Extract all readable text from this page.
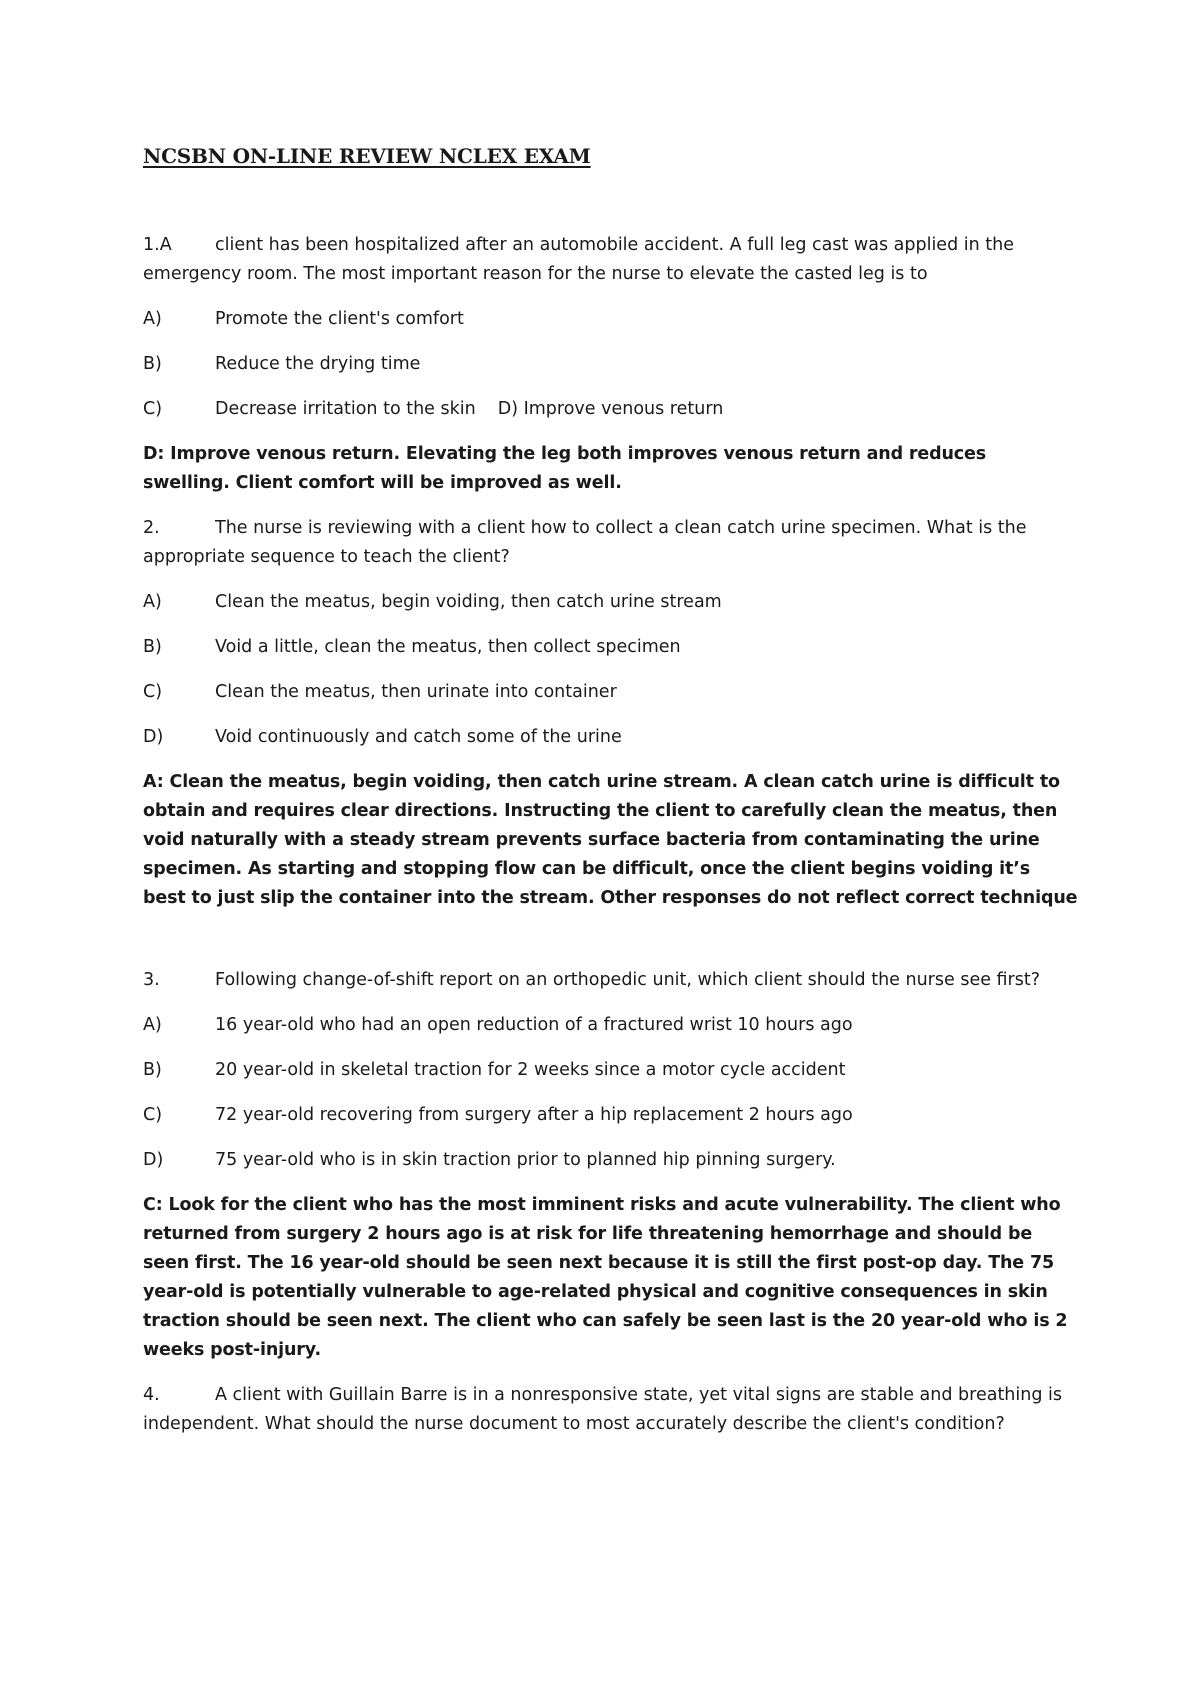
NCSBN ON-LINE REVIEW NCLEX EXAM

1.A	client has been hospitalized after an automobile accident. A full leg cast was applied in the
emergency room. The most important reason for the nurse to elevate the casted leg is to

A)	Promote the client's comfort
B)	Reduce the drying time
C)	Decrease irritation to the skin D) Improve venous return

D: Improve venous return. Elevating the leg both improves venous return and reduces swelling. Client comfort will be improved as well.

2.	The nurse is reviewing with a client how to collect a clean catch urine specimen. What is the
appropriate sequence to teach the client?

A)	Clean the meatus, begin voiding, then catch urine stream
B)	Void a little, clean the meatus, then collect specimen
C)	Clean the meatus, then urinate into container
D)	Void continuously and catch some of the urine

A: Clean the meatus, begin voiding, then catch urine stream. A clean catch urine is difficult to obtain and requires clear directions. Instructing the client to carefully clean the meatus, then void naturally with a steady stream prevents surface bacteria from contaminating the urine specimen. As starting and stopping flow can be difficult, once the client begins voiding it’s best to just slip the container into the stream. Other responses do not reflect correct technique

3.	Following change-of-shift report on an orthopedic unit, which client should the nurse see first?
A)	16 year-old who had an open reduction of a fractured wrist 10 hours ago
B)	20 year-old in skeletal traction for 2 weeks since a motor cycle accident
C)	72 year-old recovering from surgery after a hip replacement 2 hours ago
D)	75 year-old who is in skin traction prior to planned hip pinning surgery.

C: Look for the client who has the most imminent risks and acute vulnerability. The client who returned from surgery 2 hours ago is at risk for life threatening hemorrhage and should be seen first. The 16 year-old should be seen next because it is still the first post-op day. The 75 year-old is potentially vulnerable to age-related physical and cognitive consequences in skin traction should be seen next. The client who can safely be seen last is the 20 year-old who is 2 weeks post-injury.

4.	A client with Guillain Barre is in a nonresponsive state, yet vital signs are stable and breathing is
independent. What should the nurse document to most accurately describe the client's condition?
